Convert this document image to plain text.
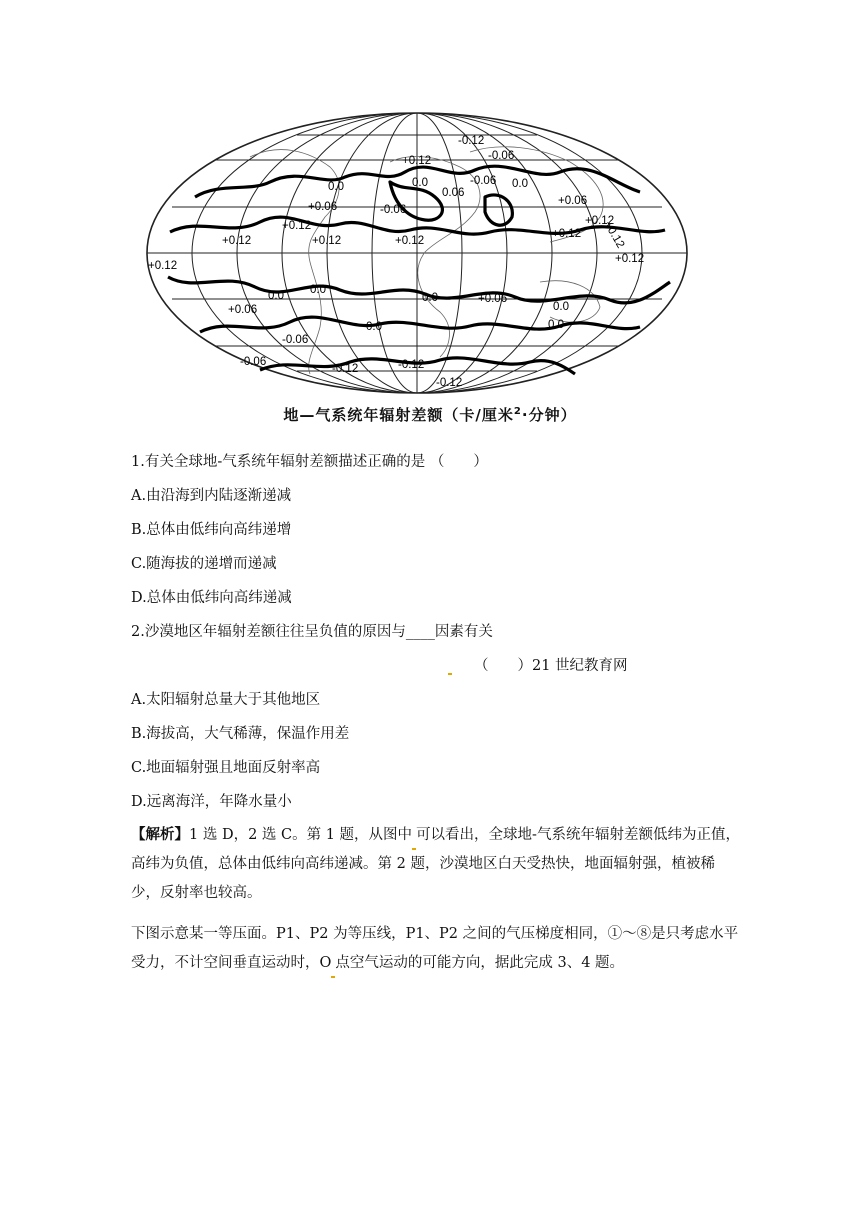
-0.12
+0.12	-0.06
0.0	0.0
0.06
-0.06 0.0
-0.06
+0.06	+0.06
+0.12
+0.12	+0.12	+0.12
+0.12
+0.12
+0.12
+0.12
+0.12
0.0 0.0
0.0	+0.06
0.0
+0.06
0.0
-0.06
0.0
-0.06
-0.12	-0.12
-0.12
地—气系统年辐射差额（卡/厘米$^2$·分钟）
1.有关全球地-气系统年辐射差额描述正确的是 （　　）
A.由沿海到内陆逐渐递减
B.总体由低纬向高纬递增
C.随海拔的递增而递减
D.总体由低纬向高纬递减
2.沙漠地区年辐射差额往往呈负值的原因与____因素有关
（　　）21 世纪教育网
A.太阳辐射总量大于其他地区
B.海拔高，大气稀薄，保温作用差
C.地面辐射强且地面反射率高
D.远离海洋，年降水量小
【解析】1 选 D，2 选 C。第 1 题，从图中 可以看出，全球地-气系统年辐射差额低纬为正值，高纬为负值，总体由低纬向高纬递减。第 2 题，沙漠地区白天受热快，地面辐射强，植被稀少，反射率也较高。
下图示意某一等压面。P1、P2 为等压线，P1、P2 之间的气压梯度相同，①～⑧是只考虑水平受力，不计空间垂直运动时，O 点空气运动的可能方向，据此完成 3、4 题。
